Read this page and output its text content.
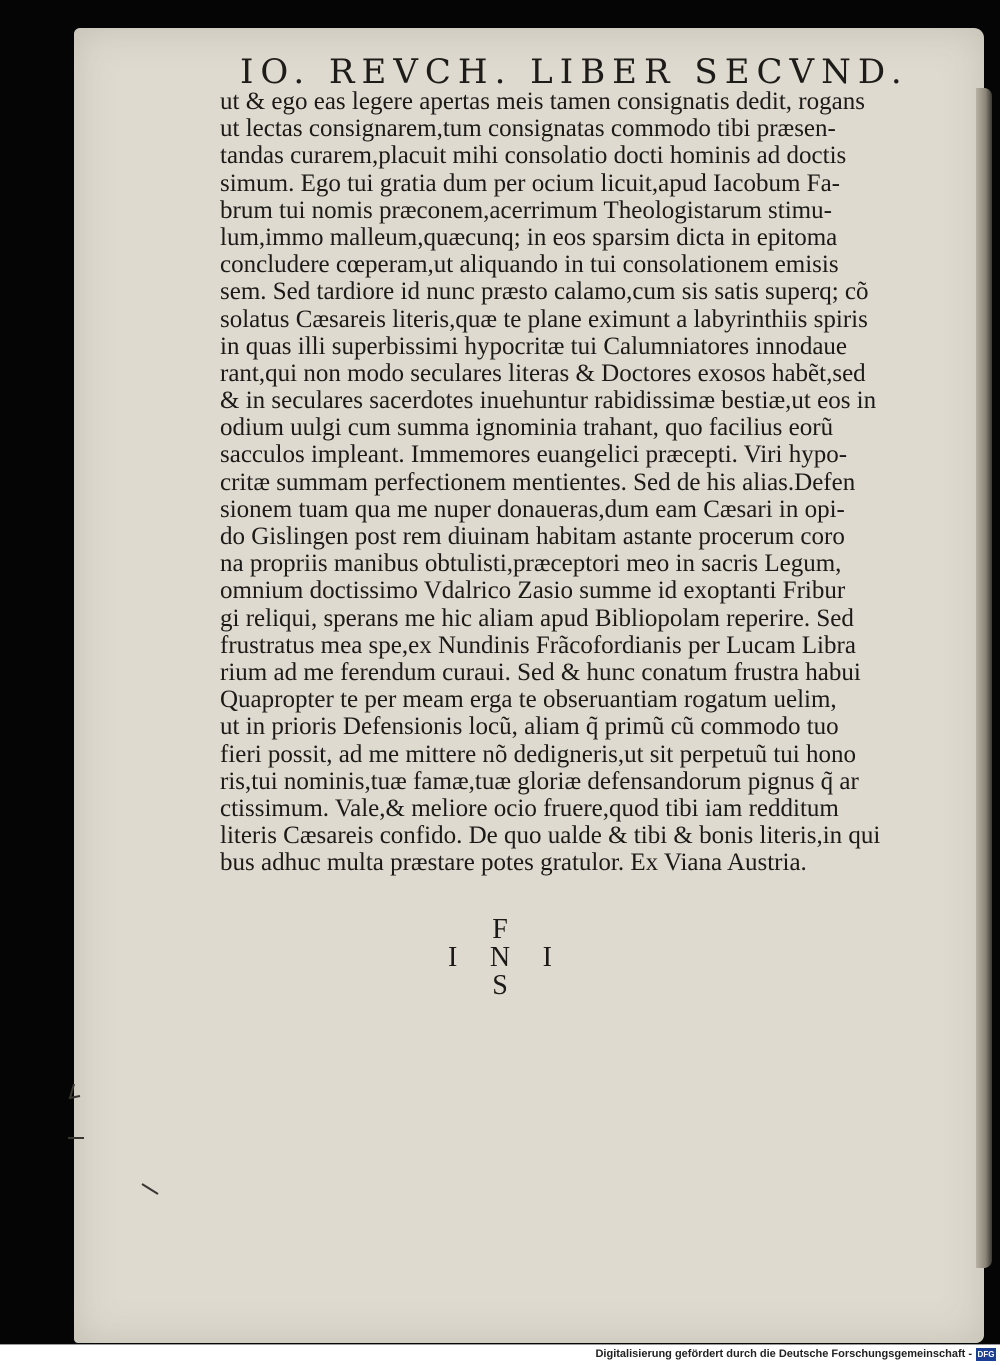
IO. REVCH. LIBER SECVND.
ut & ego eas legere apertas meis tamen consignatis dedit, rogans
ut lectas consignarem,tum consignatas commodo tibi præsen-
tandas curarem,placuit mihi consolatio docti hominis ad doctis
simum. Ego tui gratia dum per ocium licuit,apud Iacobum Fa-
brum tui nomis præconem,acerrimum Theologistarum stimu-
lum,immo malleum,quæcunq; in eos sparsim dicta in epitoma
concludere cœperam,ut aliquando in tui consolationem emisis
sem. Sed tardiore id nunc præsto calamo,cum sis satis superq; cõ
solatus Cæsareis literis,quæ te plane eximunt a labyrinthiis spiris
in quas illi superbissimi hypocritæ tui Calumniatores innodaue
rant,qui non modo seculares literas & Doctores exosos habẽt,sed
& in seculares sacerdotes inuehuntur rabidissimæ bestiæ,ut eos in
odium uulgi cum summa ignominia trahant, quo facilius eorũ
sacculos impleant. Immemores euangelici præcepti. Viri hypo-
critæ summam perfectionem mentientes. Sed de his alias.Defen
sionem tuam qua me nuper donaueras,dum eam Cæsari in opi-
do Gislingen post rem diuinam habitam astante procerum coro
na propriis manibus obtulisti,præceptori meo in sacris Legum,
omnium doctissimo Vdalrico Zasio summe id exoptanti Fribur
gi reliqui, sperans me hic aliam apud Bibliopolam reperire. Sed
frustratus mea spe,ex Nundinis Frãcofordianis per Lucam Libra
rium ad me ferendum curaui. Sed & hunc conatum frustra habui
Quapropter te per meam erga te obseruantiam rogatum uelim,
ut in prioris Defensionis locũ, aliam q̃ primũ cũ commodo tuo
fieri possit, ad me mittere nõ dedigneris,ut sit perpetuũ tui hono
ris,tui nominis,tuæ famæ,tuæ gloriæ defensandorum pignus q̃ ar
ctissimum. Vale,& meliore ocio fruere,quod tibi iam redditum
literis Cæsareis confido. De quo ualde & tibi & bonis literis,in qui
bus adhuc multa præstare potes gratulor. Ex Viana Austria.
F
I N I
S
Digitalisierung gefördert durch die Deutsche Forschungsgemeinschaft - DFG
